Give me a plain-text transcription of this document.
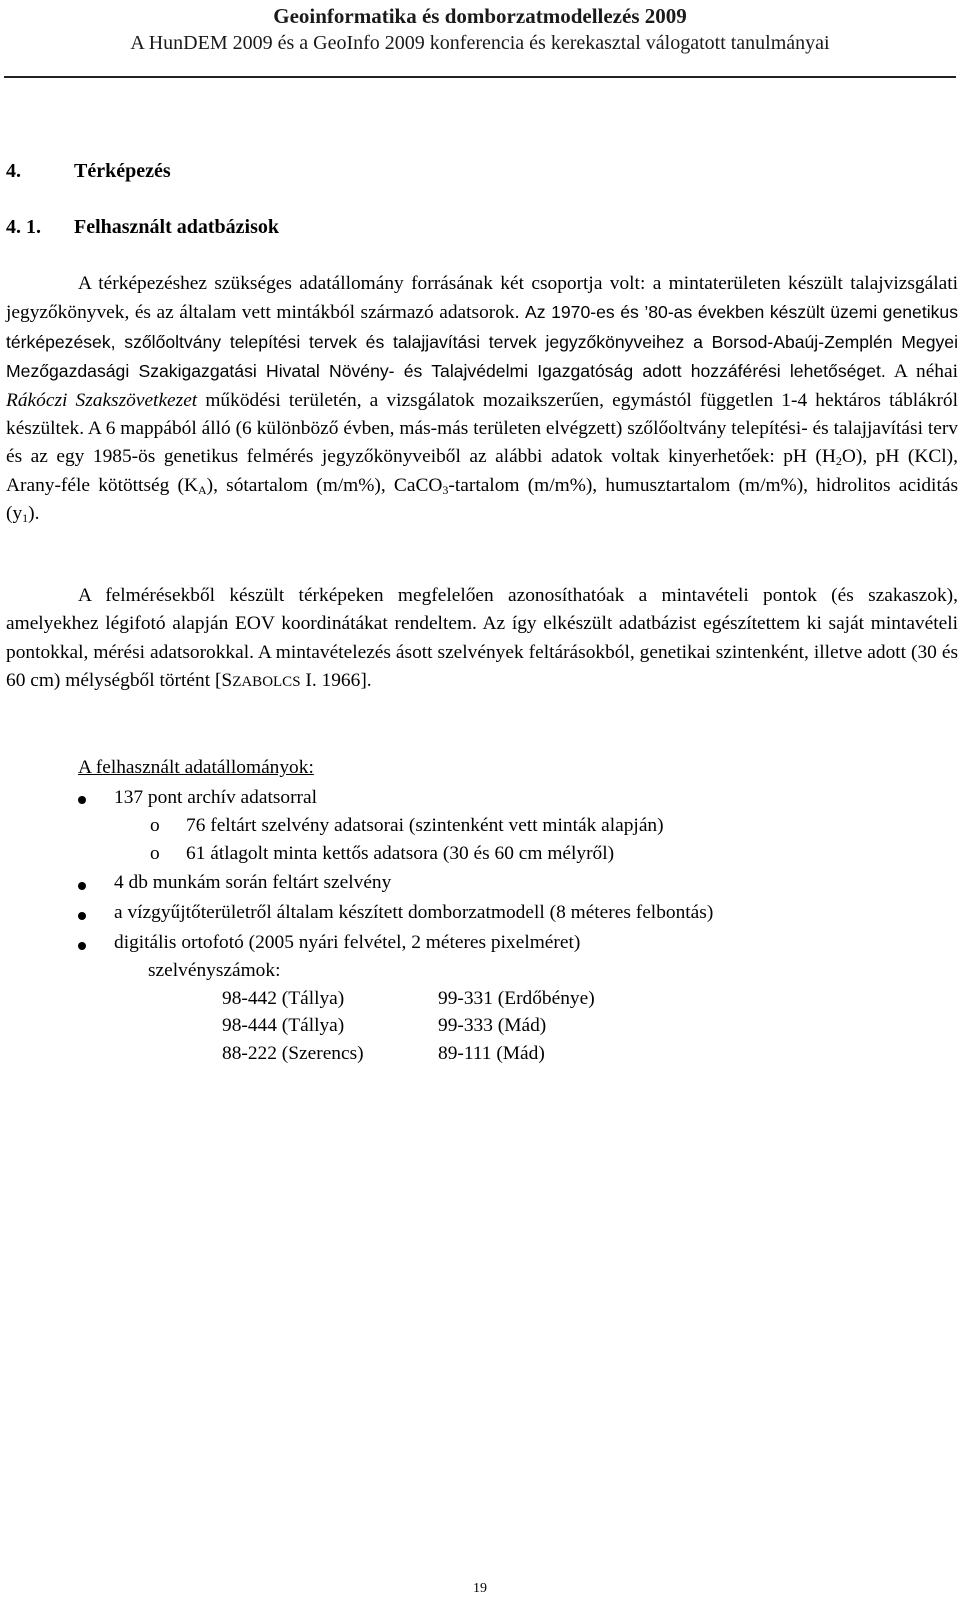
Geoinformatika és domborzatmodellezés 2009
A HunDEM 2009 és a GeoInfo 2009 konferencia és kerekasztal válogatott tanulmányai
4.	Térképezés
4. 1. Felhasznált adatbázisok

A térképezéshez szükséges adatállomány forrásának két csoportja volt: a mintaterületen készült talajvizsgálati jegyzőkönyvek, és az általam vett mintákból származó adatsorok. Az 1970-es és ’80-as években készült üzemi genetikus térképezések, szőlőoltvány telepítési tervek és talajjavítási tervek jegyzőkönyveihez a Borsod-Abaúj-Zemplén Megyei Mezőgazdasági Szakigazgatási Hivatal Növény- és Talajvédelmi Igazgatóság adott hozzáférési lehetőséget. A néhai Rákóczi Szakszövetkezet működési területén, a vizsgálatok mozaikszerűen, egymástól független 1-4 hektáros táblákról készültek. A 6 mappából álló (6 különböző évben, más-más területen elvégzett) szőlőoltvány telepítési- és talajjavítási terv és az egy 1985-ös genetikus felmérés jegyzőkönyveiből az alábbi adatok voltak kinyerhetőek: pH $(H_2O)$, pH (KCl), Arany-féle kötöttség $(K_A)$, sótartalom (m/m%), CaCO$_3$-tartalom (m/m%), humusztartalom (m/m%), hidrolitos aciditás $(y_1)$.

A felmérésekből készült térképeken megfelelően azonosíthatóak a mintavételi pontok (és szakaszok), amelyekhez légifotó alapján EOV koordinátákat rendeltem. Az így elkészült adatbázist egészítettem ki saját mintavételi pontokkal, mérési adatsorokkal. A mintavételezés ásott szelvények feltárásokból, genetikai szintenként, illetve adott (30 és 60 cm) mélységből történt [SZABOLCS I. 1966].

A felhasznált adatállományok:
137 pont archív adatsorral
o 76 feltárt szelvény adatsorai (szintenként vett minták alapján)
o 61 átlagolt minta kettős adatsora (30 és 60 cm mélyről)
4 db munkám során feltárt szelvény
a vízgyűjtőterületről általam készített domborzatmodell (8 méteres felbontás)
digitális ortofotó (2005 nyári felvétel, 2 méteres pixelméret)
szelvényszámok:
98-442 (Tállya)	99-331 (Erdőbénye)
98-444 (Tállya)	99-333 (Mád)
88-222 (Szerencs)	89-111 (Mád)
19
